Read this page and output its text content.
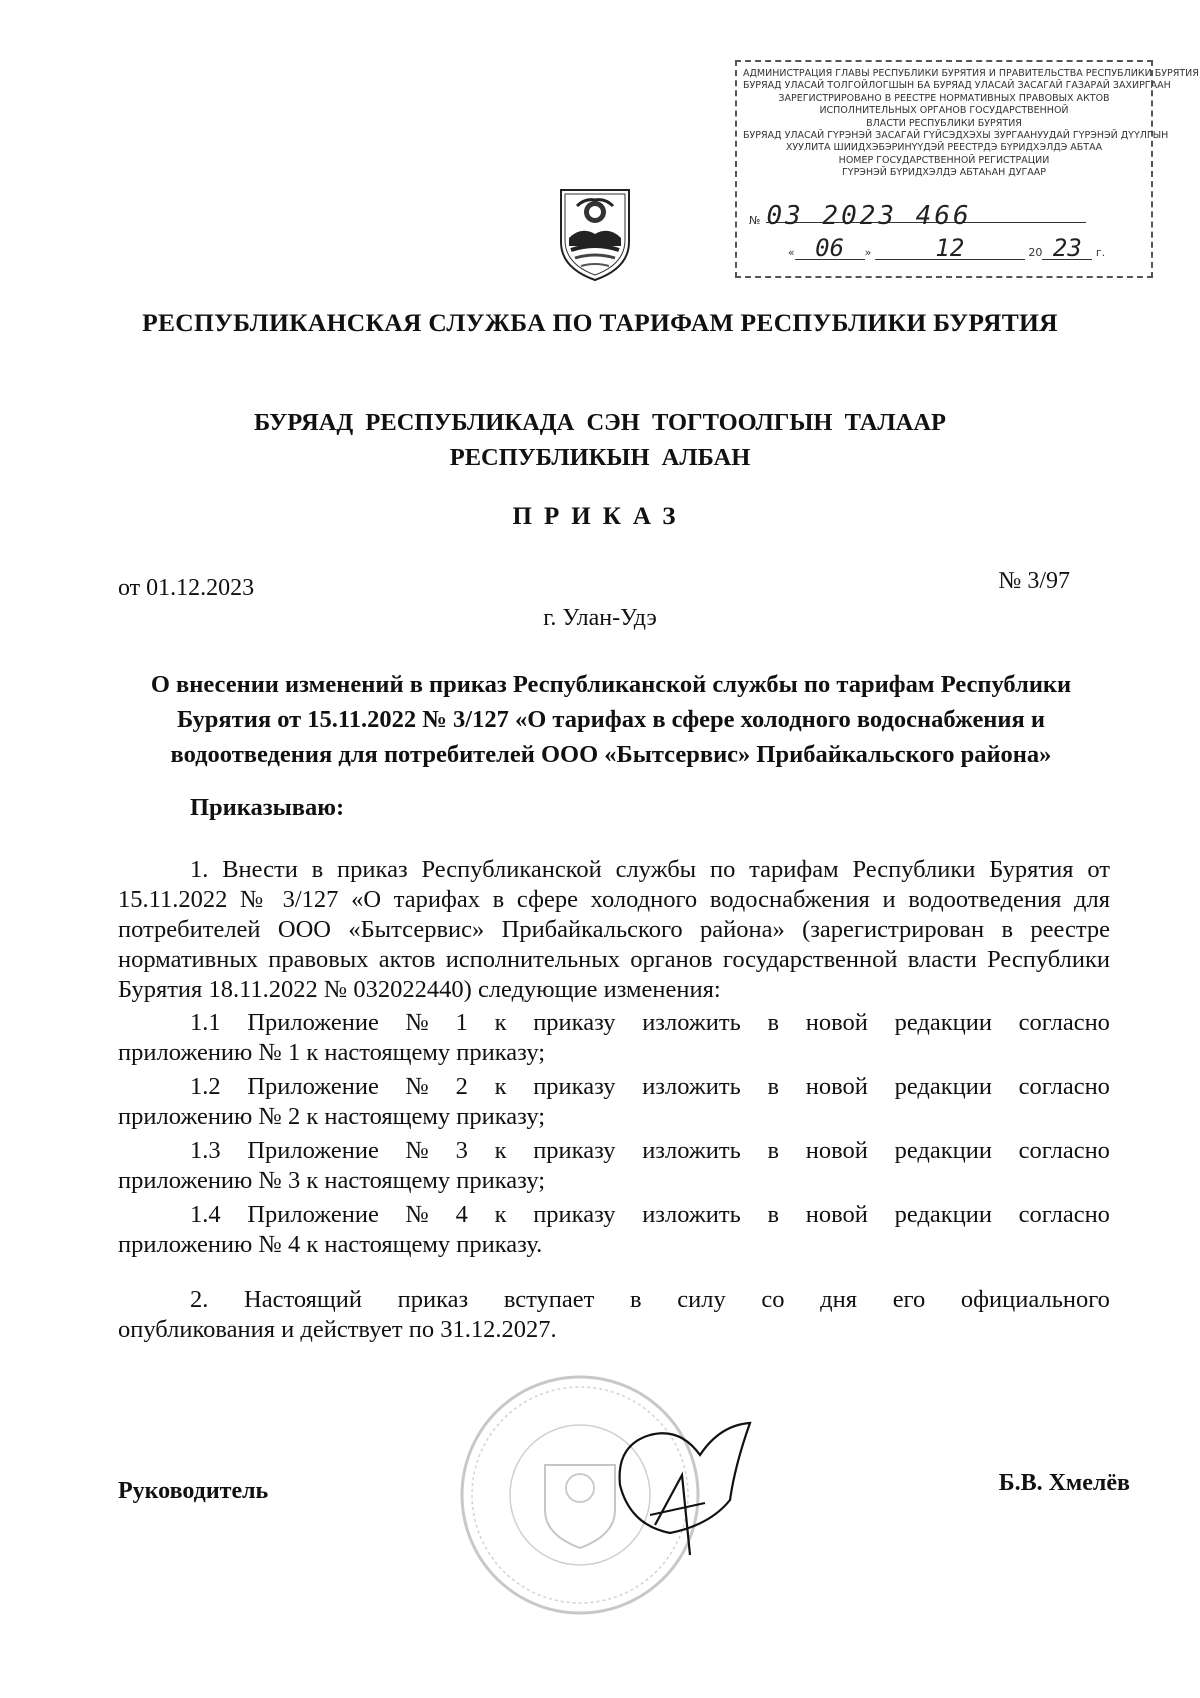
АДМИНИСТРАЦИЯ ГЛАВЫ РЕСПУБЛИКИ БУРЯТИЯ И ПРАВИТЕЛЬСТВА РЕСПУБЛИКИ БУРЯТИЯ
БУРЯАД УЛАСАЙ ТОЛГОЙЛОГШЫН БА БУРЯАД УЛАСАЙ ЗАСАГАЙ ГАЗАРАЙ ЗАХИРГААН
ЗАРЕГИСТРИРОВАНО В РЕЕСТРЕ НОРМАТИВНЫХ ПРАВОВЫХ АКТОВ
ИСПОЛНИТЕЛЬНЫХ ОРГАНОВ ГОСУДАРСТВЕННОЙ
ВЛАСТИ РЕСПУБЛИКИ БУРЯТИЯ
БУРЯАД УЛАСАЙ ГҮРЭНЭЙ ЗАСАГАЙ ГҮЙСЭДХЭХЫ ЗУРГААНУУДАЙ ГҮРЭНЭЙ ДҮҮЛГЫН
ХУУЛИТА ШИИДХЭБЭРИНҮҮДЭЙ РЕЕСТРДЭ БҮРИДХЭЛДЭ АБТАА
НОМЕР ГОСУДАРСТВЕННОЙ РЕГИСТРАЦИИ
ГҮРЭНЭЙ БҮРИДХЭЛДЭ АБТАҺАН ДУГААР
№ 03 2023 466
« 06 »	12	20 23 г.
РЕСПУБЛИКАНСКАЯ СЛУЖБА ПО ТАРИФАМ РЕСПУБЛИКИ БУРЯТИЯ
БУРЯАД РЕСПУБЛИКАДА СЭН ТОГТООЛГЫН ТАЛААР
РЕСПУБЛИКЫН АЛБАН
ПРИКАЗ
от 01.12.2023	№ 3/97
г. Улан-Удэ
О внесении изменений в приказ Республиканской службы по тарифам Республики
Бурятия от 15.11.2022 № 3/127 «О тарифах в сфере холодного водоснабжения и
водоотведения для потребителей ООО «Бытсервис» Прибайкальского района»
Приказываю:
1. Внести в приказ Республиканской службы по тарифам Республики Бурятия от 15.11.2022 № 3/127 «О тарифах в сфере холодного водоснабжения и водоотведения для потребителей ООО «Бытсервис» Прибайкальского района» (зарегистрирован в реестре нормативных правовых актов исполнительных органов государственной власти Республики Бурятия 18.11.2022 № 032022440) следующие изменения:
1.1 Приложение № 1 к приказу изложить в новой редакции согласно
приложению № 1 к настоящему приказу;
1.2 Приложение № 2 к приказу изложить в новой редакции согласно
приложению № 2 к настоящему приказу;
1.3 Приложение № 3 к приказу изложить в новой редакции согласно
приложению № 3 к настоящему приказу;
1.4 Приложение № 4 к приказу изложить в новой редакции согласно
приложению № 4 к настоящему приказу.
2. Настоящий приказ вступает в силу со дня его официального
опубликования и действует по 31.12.2027.
Руководитель	Б.В. Хмелёв
